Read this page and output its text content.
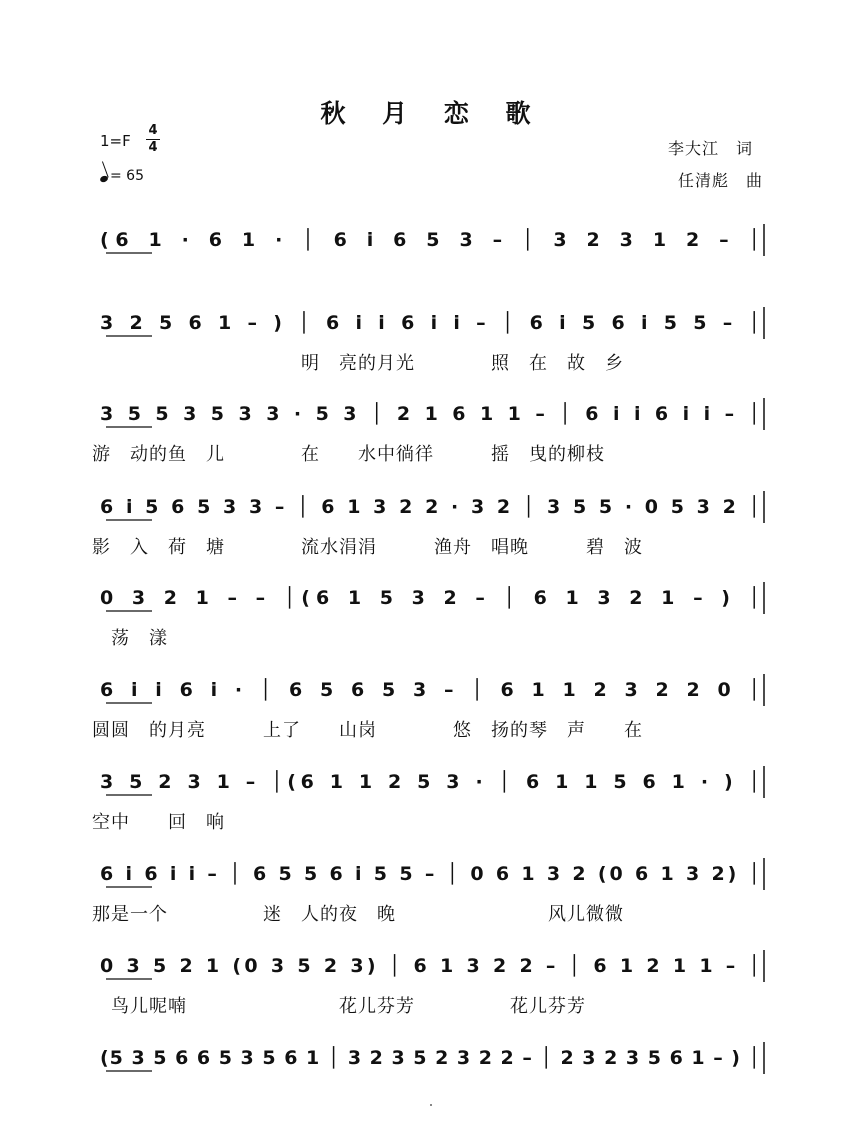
秋 月 恋 歌
1=F
4
4
= 65
李大江　词
任清彪　曲
(6 1 · 6 1 · │ 6 i 6 5 3 – │ 3 2 3 1 2 – │
3 2 5 6 1 – ) │ 6 i i 6 i i – │ 6 i 5 6 i 5 5 – │
　　　　　　　　　　　明　亮的月光　　　　照　在　故　乡
3 5 5 3 5 3 3 · 5 3 │ 2 1 6 1 1 – │ 6 i i 6 i i – │
游　动的鱼　儿　　　　在　　水中徜徉　　　摇　曳的柳枝
6 i 5 6 5 3 3 – │ 6 1 3 2 2 · 3 2 │ 3 5 5 · 0 5 3 2 │
影　入　荷　塘　　　　流水涓涓　　　渔舟　唱晚　　　碧　波
0 3 2 1 – – │(6 1 5 3 2 – │ 6 1 3 2 1 – ) │
　荡　漾
6 i i 6 i · │ 6 5 6 5 3 – │ 6 1 1 2 3 2 2 0 │
圆圆　的月亮　　　上了　　山岗　　　　悠　扬的琴　声　　在
3 5 2 3 1 – │(6 1 1 2 5 3 · │ 6 1 1 5 6 1 · ) │
空中　　回　响
6 i 6 i i – │ 6 5 5 6 i 5 5 – │ 0 6 1 3 2 (0 6 1 3 2) │
那是一个　　　　　迷　人的夜　晚　　　　　　　　风儿微微
0 3 5 2 1 (0 3 5 2 3) │ 6 1 3 2 2 – │ 6 1 2 1 1 – │
　鸟儿呢喃　　　　　　　　花儿芬芳　　　　　花儿芬芳
(5 3 5 6 6 5 3 5 6 1 │ 3 2 3 5 2 3 2 2 – │ 2 3 2 3 5 6 1 – ) │
